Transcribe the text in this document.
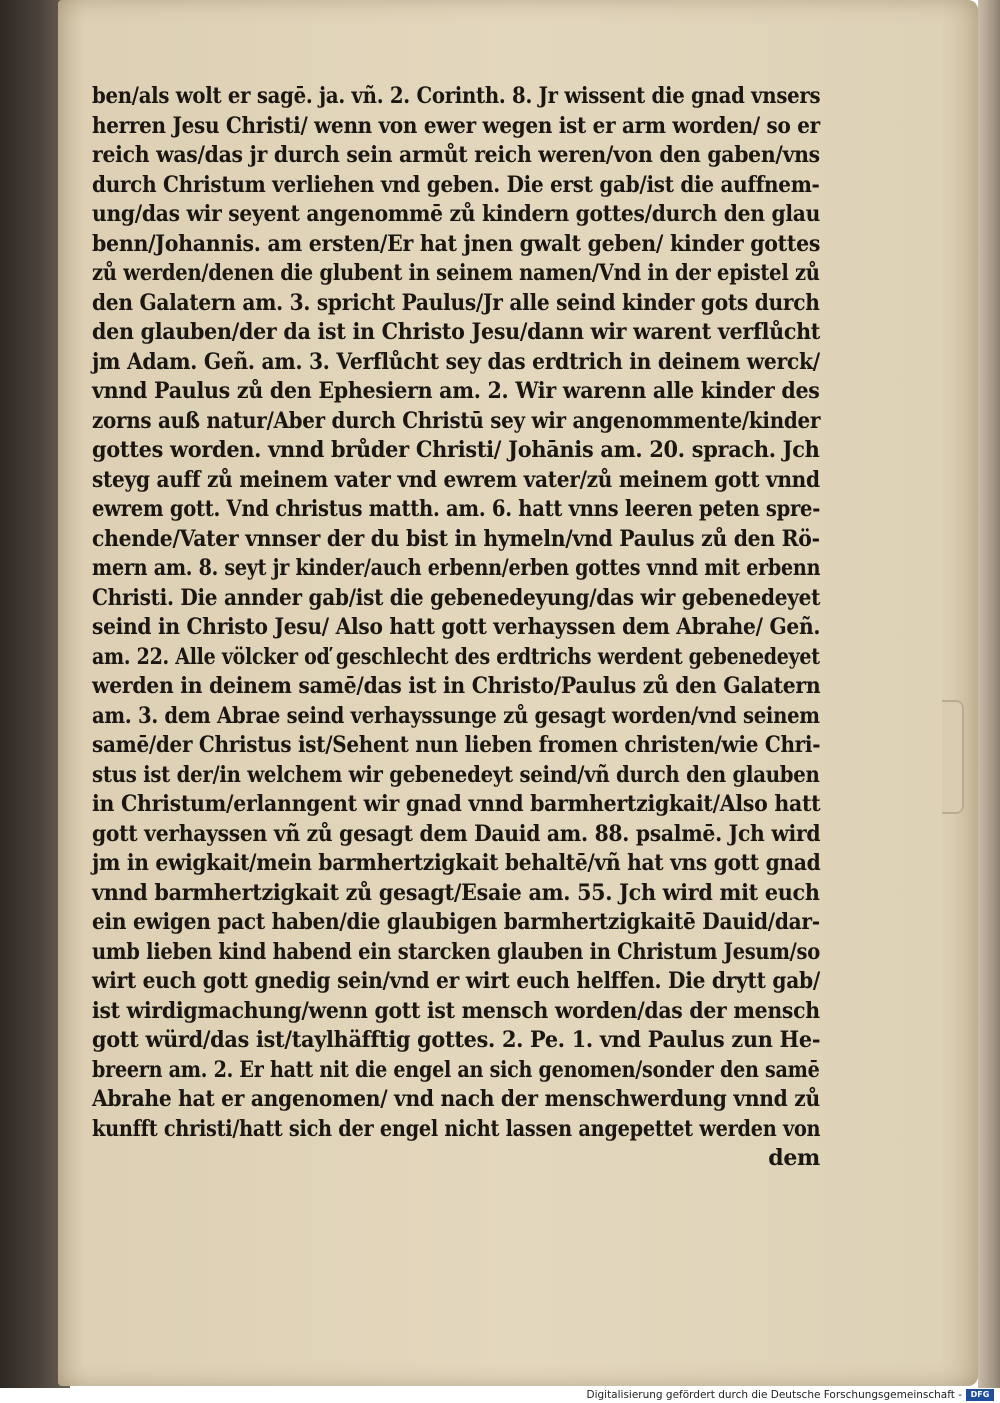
ben/als wolt er sagē. ja. vñ. 2. Corinth. 8. Jr wissent die gnad vnsers
herren Jesu Christi/ wenn von ewer wegen ist er arm worden/ so er
reich was/das jr durch sein armůt reich weren/von den gaben/vns
durch Christum verliehen vnd geben. Die erst gab/ist die auffnem-
ung/das wir seyent angenommē zů kindern gottes/durch den glau
benn/Johannis. am ersten/Er hat jnen gwalt geben/ kinder gottes
zů werden/denen die glubent in seinem namen/Vnd in der epistel zů
den Galatern am. 3. spricht Paulus/Jr alle seind kinder gots durch
den glauben/der da ist in Christo Jesu/dann wir warent verflůcht
jm Adam. Geñ. am. 3. Verflůcht sey das erdtrich in deinem werck/
vnnd Paulus zů den Ephesiern am. 2. Wir warenn alle kinder des
zorns auß natur/Aber durch Christū sey wir angenommente/kinder
gottes worden. vnnd brůder Christi/ Johānis am. 20. sprach. Jch
steyg auff zů meinem vater vnd ewrem vater/zů meinem gott vnnd
ewrem gott. Vnd christus matth. am. 6. hatt vnns leeren peten spre-
chende/Vater vnnser der du bist in hymeln/vnd Paulus zů den Rö-
mern am. 8. seyt jr kinder/auch erbenn/erben gottes vnnd mit erbenn
Christi. Die annder gab/ist die gebenedeyung/das wir gebenedeyet
seind in Christo Jesu/ Also hatt gott verhayssen dem Abrahe/ Geñ.
am. 22. Alle völcker oď geschlecht des erdtrichs werdent gebenedeyet
werden in deinem samē/das ist in Christo/Paulus zů den Galatern
am. 3. dem Abrae seind verhayssunge zů gesagt worden/vnd seinem
samē/der Christus ist/Sehent nun lieben fromen christen/wie Chri-
stus ist der/in welchem wir gebenedeyt seind/vñ durch den glauben
in Christum/erlanngent wir gnad vnnd barmhertzigkait/Also hatt
gott verhayssen vñ zů gesagt dem Dauid am. 88. psalmē. Jch wird
jm in ewigkait/mein barmhertzigkait behaltē/vñ hat vns gott gnad
vnnd barmhertzigkait zů gesagt/Esaie am. 55. Jch wird mit euch
ein ewigen pact haben/die glaubigen barmhertzigkaitē Dauid/dar-
umb lieben kind habend ein starcken glauben in Christum Jesum/so
wirt euch gott gnedig sein/vnd er wirt euch helffen. Die drytt gab/
ist wirdigmachung/wenn gott ist mensch worden/das der mensch
gott würd/das ist/taylhäfftig gottes. 2. Pe. 1. vnd Paulus zun He-
breern am. 2. Er hatt nit die engel an sich genomen/sonder den samē
Abrahe hat er angenomen/ vnd nach der menschwerdung vnnd zů
kunfft christi/hatt sich der engel nicht lassen angepettet werden von
dem
Digitalisierung gefördert durch die Deutsche Forschungsgemeinschaft -	DFG
